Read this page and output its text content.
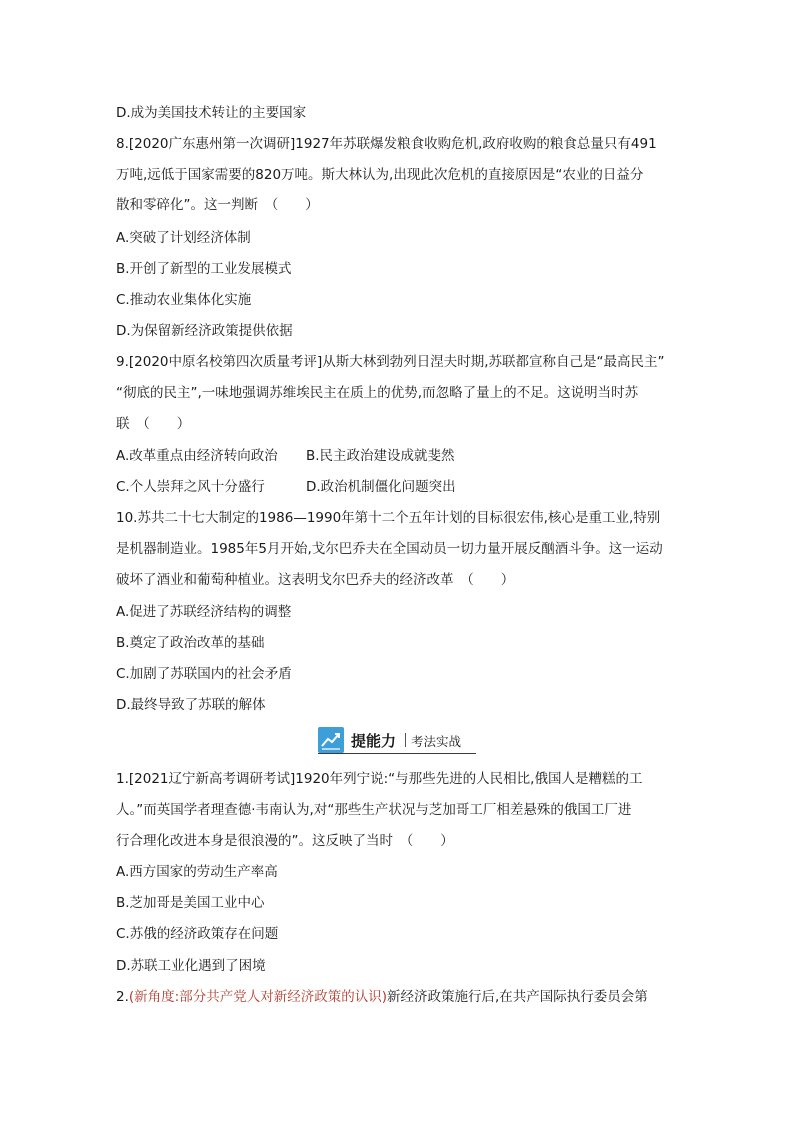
D.成为美国技术转让的主要国家
8.[2020广东惠州第一次调研]1927年苏联爆发粮食收购危机,政府收购的粮食总量只有491
万吨,远低于国家需要的820万吨。斯大林认为,出现此次危机的直接原因是“农业的日益分
散和零碎化”。这一判断　（　　）
A.突破了计划经济体制
B.开创了新型的工业发展模式
C.推动农业集体化实施
D.为保留新经济政策提供依据
9.[2020中原名校第四次质量考评]从斯大林到勃列日涅夫时期,苏联都宣称自己是“最高民主”
“彻底的民主”,一味地强调苏维埃民主在质上的优势,而忽略了量上的不足。这说明当时苏
联　（　　）
A.改革重点由经济转向政治 B.民主政治建设成就斐然
C.个人崇拜之风十分盛行	D.政治机制僵化问题突出
10.苏共二十七大制定的1986—1990年第十二个五年计划的目标很宏伟,核心是重工业,特别
是机器制造业。1985年5月开始,戈尔巴乔夫在全国动员一切力量开展反酗酒斗争。这一运动
破坏了酒业和葡萄种植业。这表明戈尔巴乔夫的经济改革　（　　）
A.促进了苏联经济结构的调整
B.奠定了政治改革的基础
C.加剧了苏联国内的社会矛盾
D.最终导致了苏联的解体
提能力 考法实战
1.[2021辽宁新高考调研考试]1920年列宁说:“与那些先进的人民相比,俄国人是糟糕的工
人。”而英国学者理查德·韦南认为,对“那些生产状况与芝加哥工厂相差悬殊的俄国工厂进
行合理化改进本身是很浪漫的”。这反映了当时　（　　）
A.西方国家的劳动生产率高
B.芝加哥是美国工业中心
C.苏俄的经济政策存在问题
D.苏联工业化遇到了困境
2.(新角度:部分共产党人对新经济政策的认识)新经济政策施行后,在共产国际执行委员会第
